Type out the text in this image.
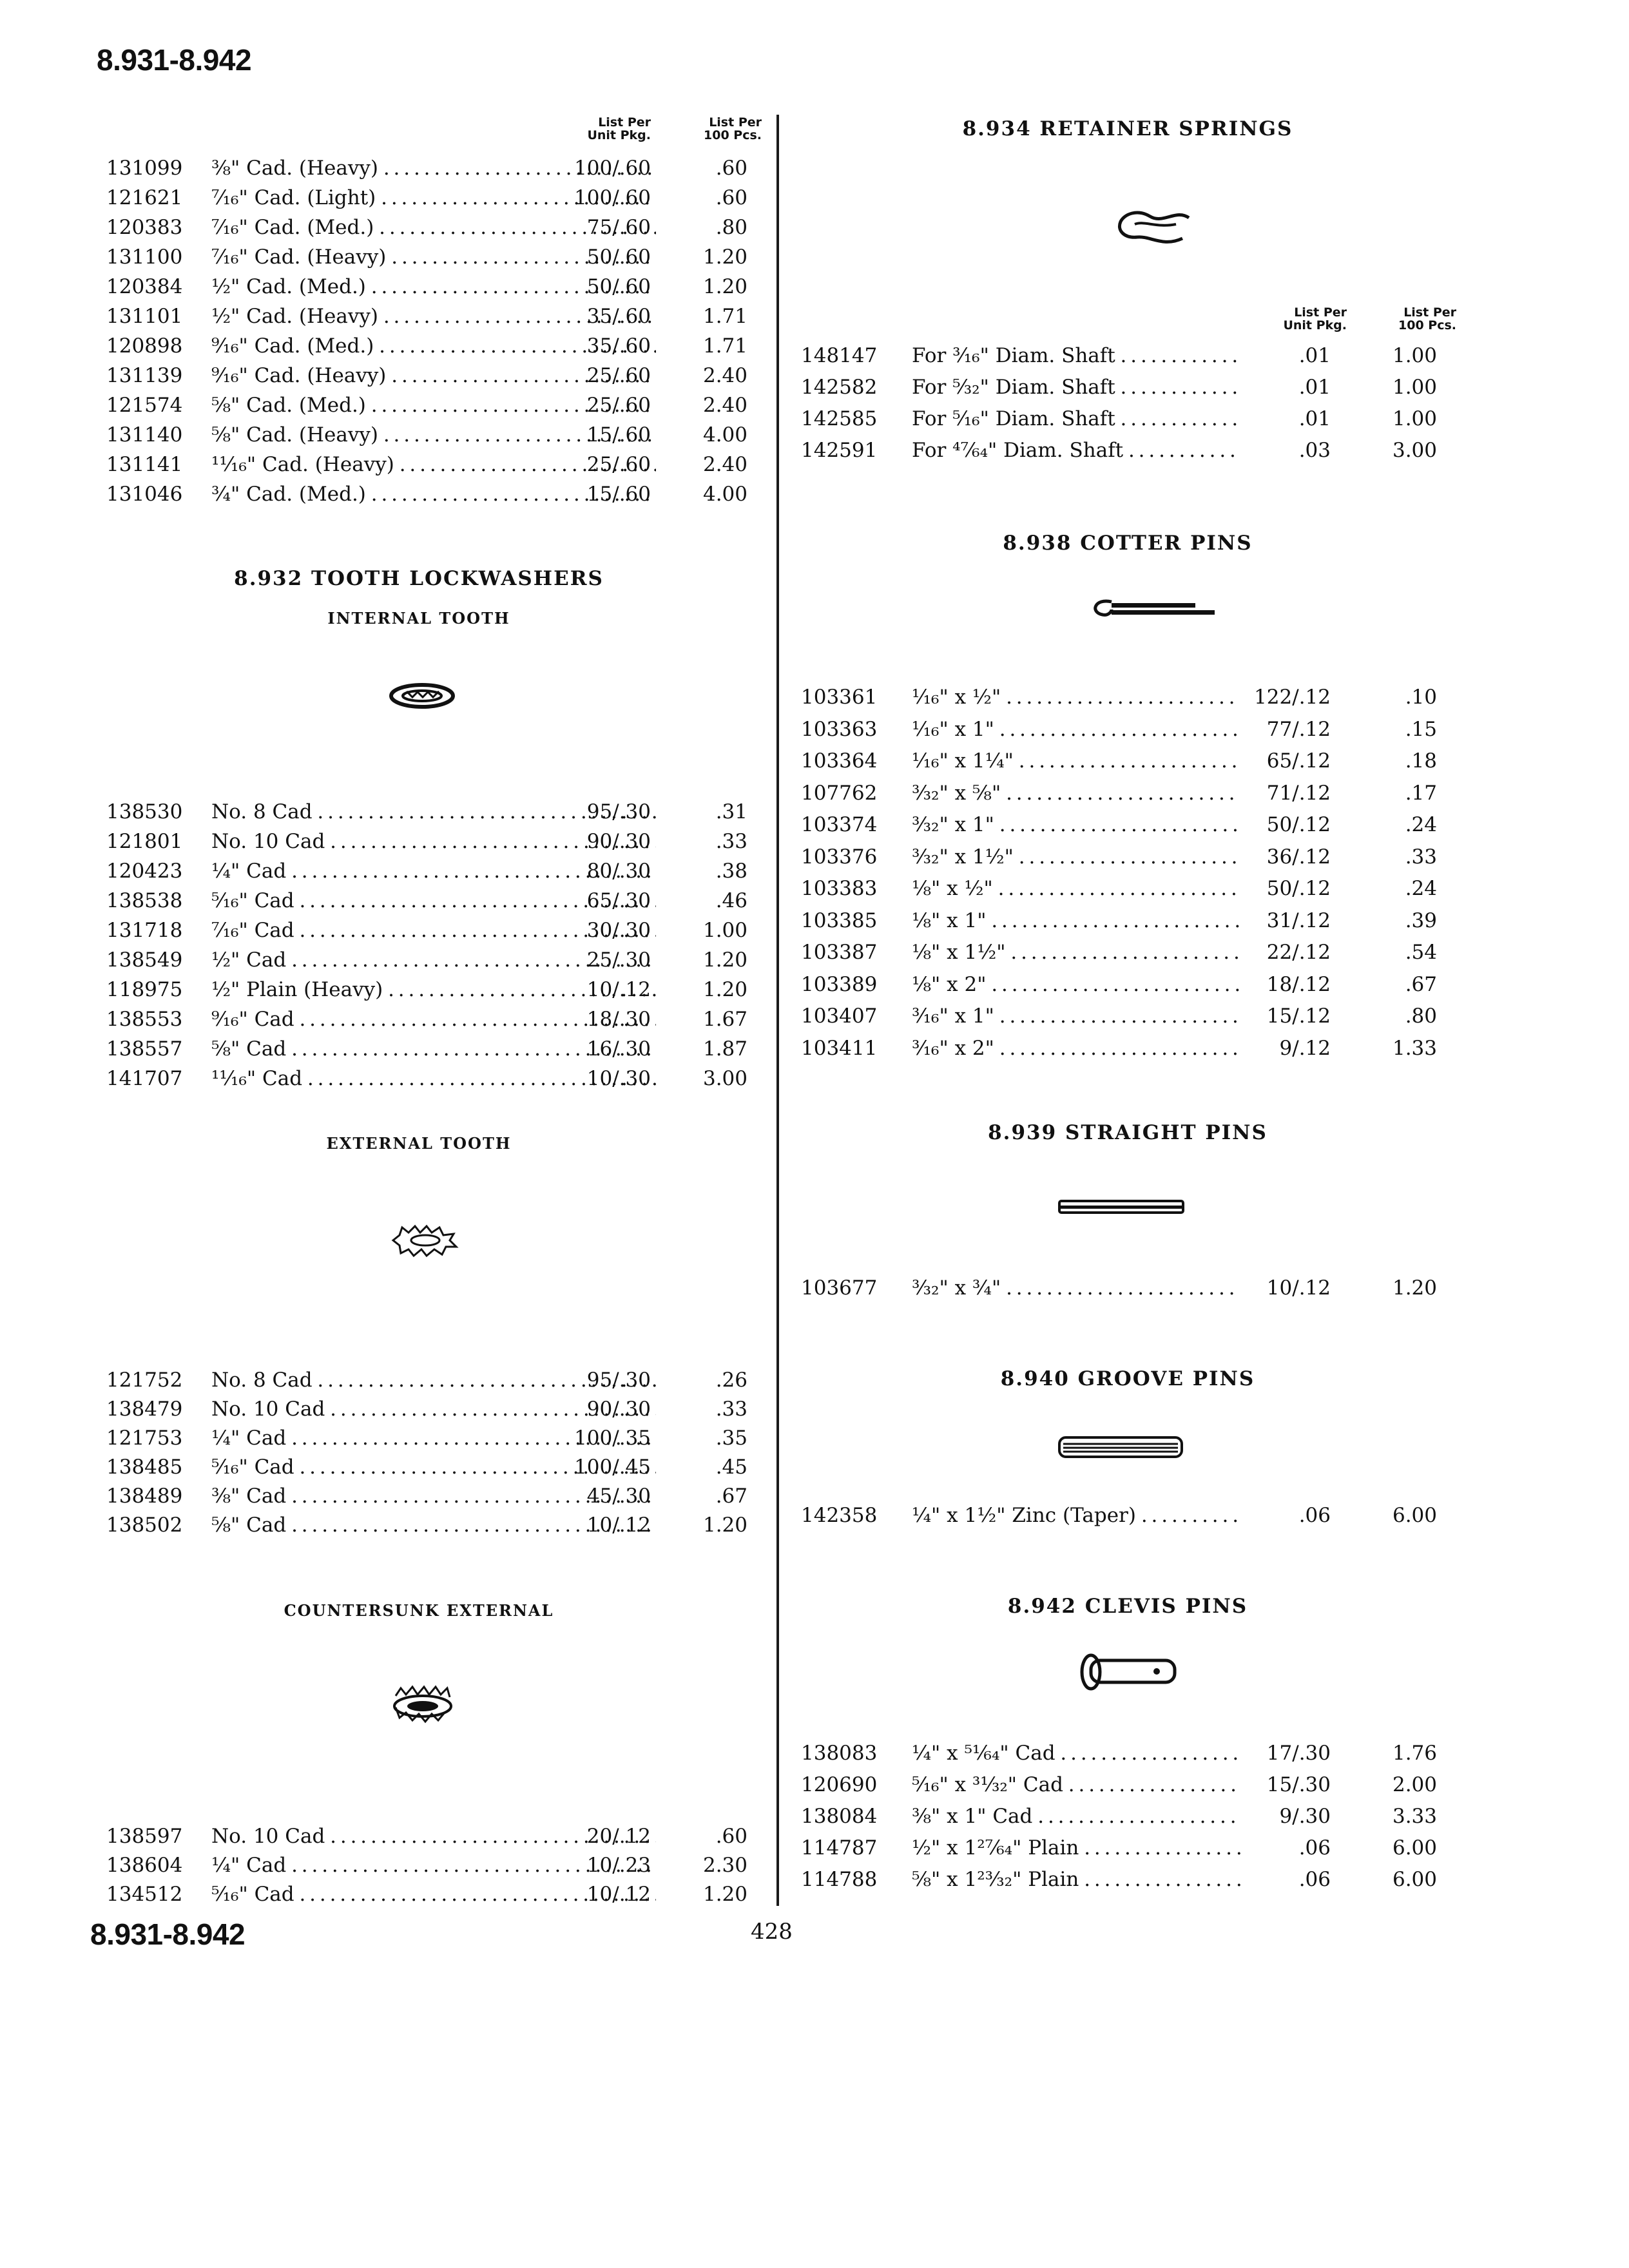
8.931-8.942
8.931-8.942	428
List Per
Unit Pkg.
List Per
100 Pcs.
131099 ⅜" Cad. (Heavy) . . .	100/.60	.60
121621 ⁷⁄₁₆" Cad. (Light) . . .	100/.60	.60
120383 ⁷⁄₁₆" Cad. (Med.) . . .	75/.60	.80
131100 ⁷⁄₁₆" Cad. (Heavy) . . .	50/.60	1.20
120384 ½" Cad. (Med.) . . .	50/.60	1.20
131101 ½" Cad. (Heavy) . . .	35/.60	1.71
120898 ⁹⁄₁₆" Cad. (Med.) . . .	35/.60	1.71
131139 ⁹⁄₁₆" Cad. (Heavy) . . .	25/.60	2.40
121574 ⅝" Cad. (Med.) . . .	25/.60	2.40
131140 ⅝" Cad. (Heavy) . . .	15/.60	4.00
131141 ¹¹⁄₁₆" Cad. (Heavy) . . .	25/.60	2.40
131046 ¾" Cad. (Med.) . . .	15/.60	4.00
8.932 TOOTH LOCKWASHERS
INTERNAL TOOTH
138530 No. 8 Cad . . .	95/.30	.31
121801 No. 10 Cad . . .	90/.30	.33
120423 ¼" Cad . . .	80/.30	.38
138538 ⁵⁄₁₆" Cad . . .	65/.30	.46
131718 ⁷⁄₁₆" Cad . . .	30/.30	1.00
138549 ½" Cad . . .	25/.30	1.20
118975 ½" Plain (Heavy) . . .	10/.12	1.20
138553 ⁹⁄₁₆" Cad . . .	18/.30	1.67
138557 ⅝" Cad . . .	16/.30	1.87
141707 ¹¹⁄₁₆" Cad . . .	10/.30	3.00
EXTERNAL TOOTH
121752 No. 8 Cad . . .	95/.30	.26
138479 No. 10 Cad . . .	90/.30	.33
121753 ¼" Cad . . .	100/.35	.35
138485 ⁵⁄₁₆" Cad . . .	100/.45	.45
138489 ⅜" Cad . . .	45/.30	.67
138502 ⅝" Cad . . .	10/.12	1.20
COUNTERSUNK EXTERNAL
138597 No. 10 Cad . . .	20/.12	.60
138604 ¼" Cad . . .	10/.23	2.30
134512 ⁵⁄₁₆" Cad . . .	10/.12	1.20
8.934 RETAINER SPRINGS
List Per
Unit Pkg.
List Per
100 Pcs.
148147 For ³⁄₁₆" Diam. Shaft . . .	.01	1.00
142582 For ⁵⁄₃₂" Diam. Shaft . . .	.01	1.00
142585 For ⁵⁄₁₆" Diam. Shaft . . .	.01	1.00
142591 For ⁴⁷⁄₆₄" Diam. Shaft . . .	.03	3.00
8.938 COTTER PINS
103361 ¹⁄₁₆" x ½" . . .	122/.12	.10
103363 ¹⁄₁₆" x 1" . . .	77/.12	.15
103364 ¹⁄₁₆" x 1¼" . . .	65/.12	.18
107762 ³⁄₃₂" x ⅝" . . .	71/.12	.17
103374 ³⁄₃₂" x 1" . . .	50/.12	.24
103376 ³⁄₃₂" x 1½" . . .	36/.12	.33
103383 ⅛" x ½" . . .	50/.12	.24
103385 ⅛" x 1" . . .	31/.12	.39
103387 ⅛" x 1½" . . .	22/.12	.54
103389 ⅛" x 2" . . .	18/.12	.67
103407 ³⁄₁₆" x 1" . . .	15/.12	.80
103411 ³⁄₁₆" x 2" . . .	9/.12	1.33
8.939 STRAIGHT PINS
103677 ³⁄₃₂" x ¾" . . .	10/.12	1.20
8.940 GROOVE PINS
142358 ¼" x 1½" Zinc (Taper) . . .	.06	6.00
8.942 CLEVIS PINS
138083 ¼" x ⁵¹⁄₆₄" Cad . . .	17/.30	1.76
120690 ⁵⁄₁₆" x ³¹⁄₃₂" Cad . . .	15/.30	2.00
138084 ⅜" x 1" Cad . . .	9/.30	3.33
114787 ½" x 1²⁷⁄₆₄" Plain . . .	.06	6.00
114788 ⅝" x 1²³⁄₃₂" Plain . . .	.06	6.00
